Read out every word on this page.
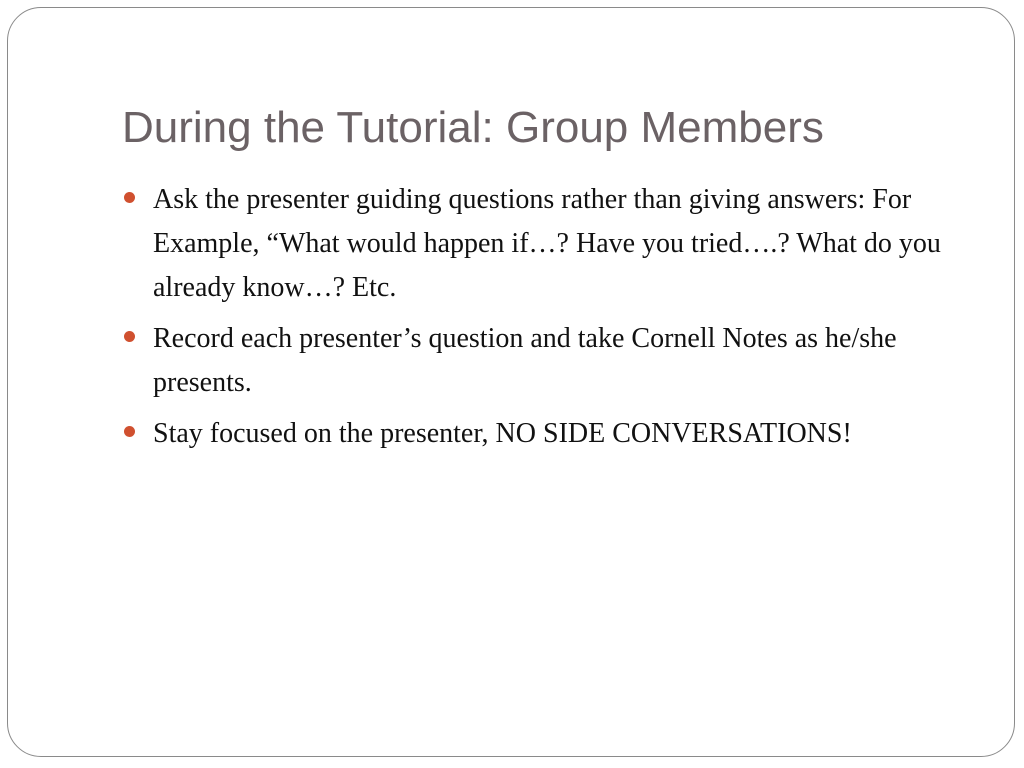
During the Tutorial: Group Members
Ask the presenter guiding questions rather than giving answers: For Example, “What would happen if…? Have you tried….? What do you already know…? Etc.
Record each presenter’s question and take Cornell Notes as he/she presents.
Stay focused on the presenter, NO SIDE CONVERSATIONS!
